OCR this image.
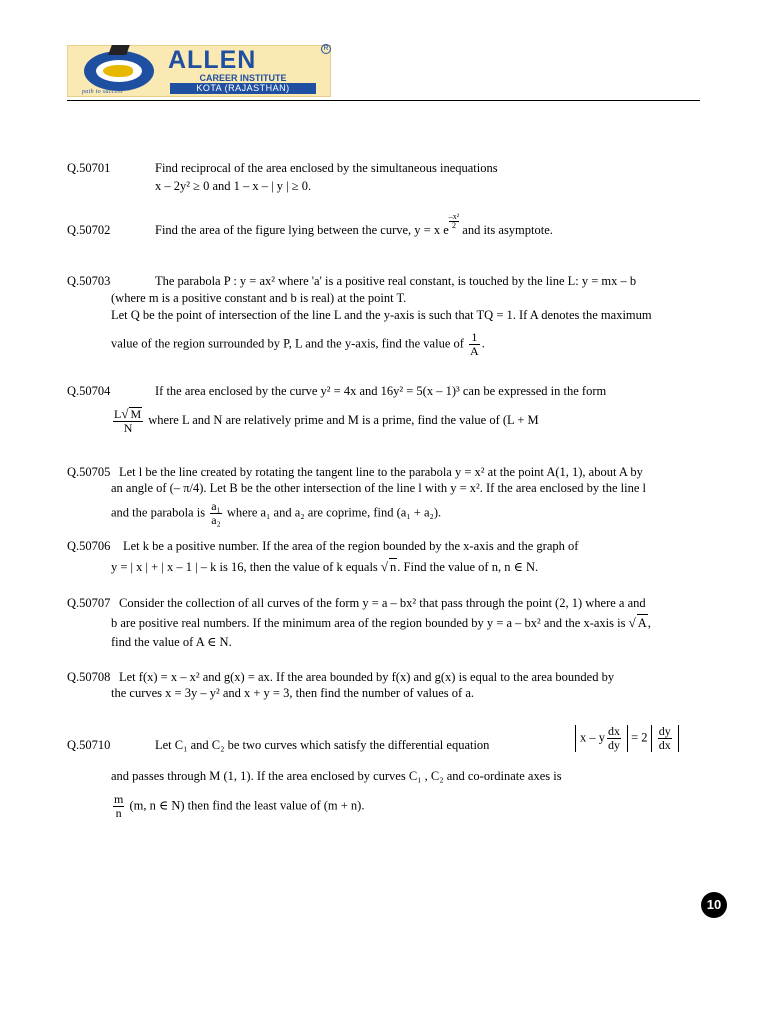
path to success
ALLEN
CAREER INSTITUTE
KOTA (RAJASTHAN)
R
Q.50701	Find reciprocal of the area enclosed by the simultaneous inequations
x – 2y² ≥ 0 and 1 – x – | y | ≥ 0.
Q.50702	Find the area of the figure lying between the curve, y = x e $\frac{\text{–x²}}{2}$ and its asymptote.
Q.50703	The parabola P : y = ax² where 'a' is a positive real constant, is touched by the line L: y = mx – b
(where m is a positive constant and b is real) at the point T.
Let Q be the point of intersection of the line L and the y-axis is such that TQ = 1. If A denotes the maximum
value of the region surrounded by P, L and the y-axis, find the value of $\frac{1}{A}$ .
Q.50704	If the area enclosed by the curve y² = 4x and 16y² = 5(x – 1)³ can be expressed in the form
$\frac{L√ M}{N}$ where L and N are relatively prime and M is a prime, find the value of (L + M
Q.50705 Let l be the line created by rotating the tangent line to the parabola y = x² at the point A(1, 1), about A by
an angle of (– π/4). Let B be the other intersection of the line l with y = x². If the area enclosed by the line l
and the parabola is $\frac{\text{a₁}}{\text{a₂}}$ where a₁ and a₂ are coprime, find (a₁ + a₂).
Q.50706 Let k be a positive number. If the area of the region bounded by the x-axis and the graph of
y = | x | + | x – 1 | – k is 16, then the value of k equals √ n. Find the value of n, n ∈ N.
Q.50707 Consider the collection of all curves of the form y = a – bx² that pass through the point (2, 1) where a and
b are positive real numbers. If the minimum area of the region bounded by y = a – bx² and the x-axis is √ A,
find the value of A ∈ N.
Q.50708 Let f(x) = x – x² and g(x) = ax. If the area bounded by f(x) and g(x) is equal to the area bounded by
the curves x = 3y – y² and x + y = 3, then find the number of values of a.
Q.50710	Let C₁ and C₂ be two curves which satisfy the differential equation
x – y $\frac{dx}{dy} = 2 \frac{dy}{dx}$
and passes through M (1, 1). If the area enclosed by curves C₁ , C₂ and co-ordinate axes is
$\frac{m}{n} (m$, n ∈ N) then find the least value of (m + n).
10
